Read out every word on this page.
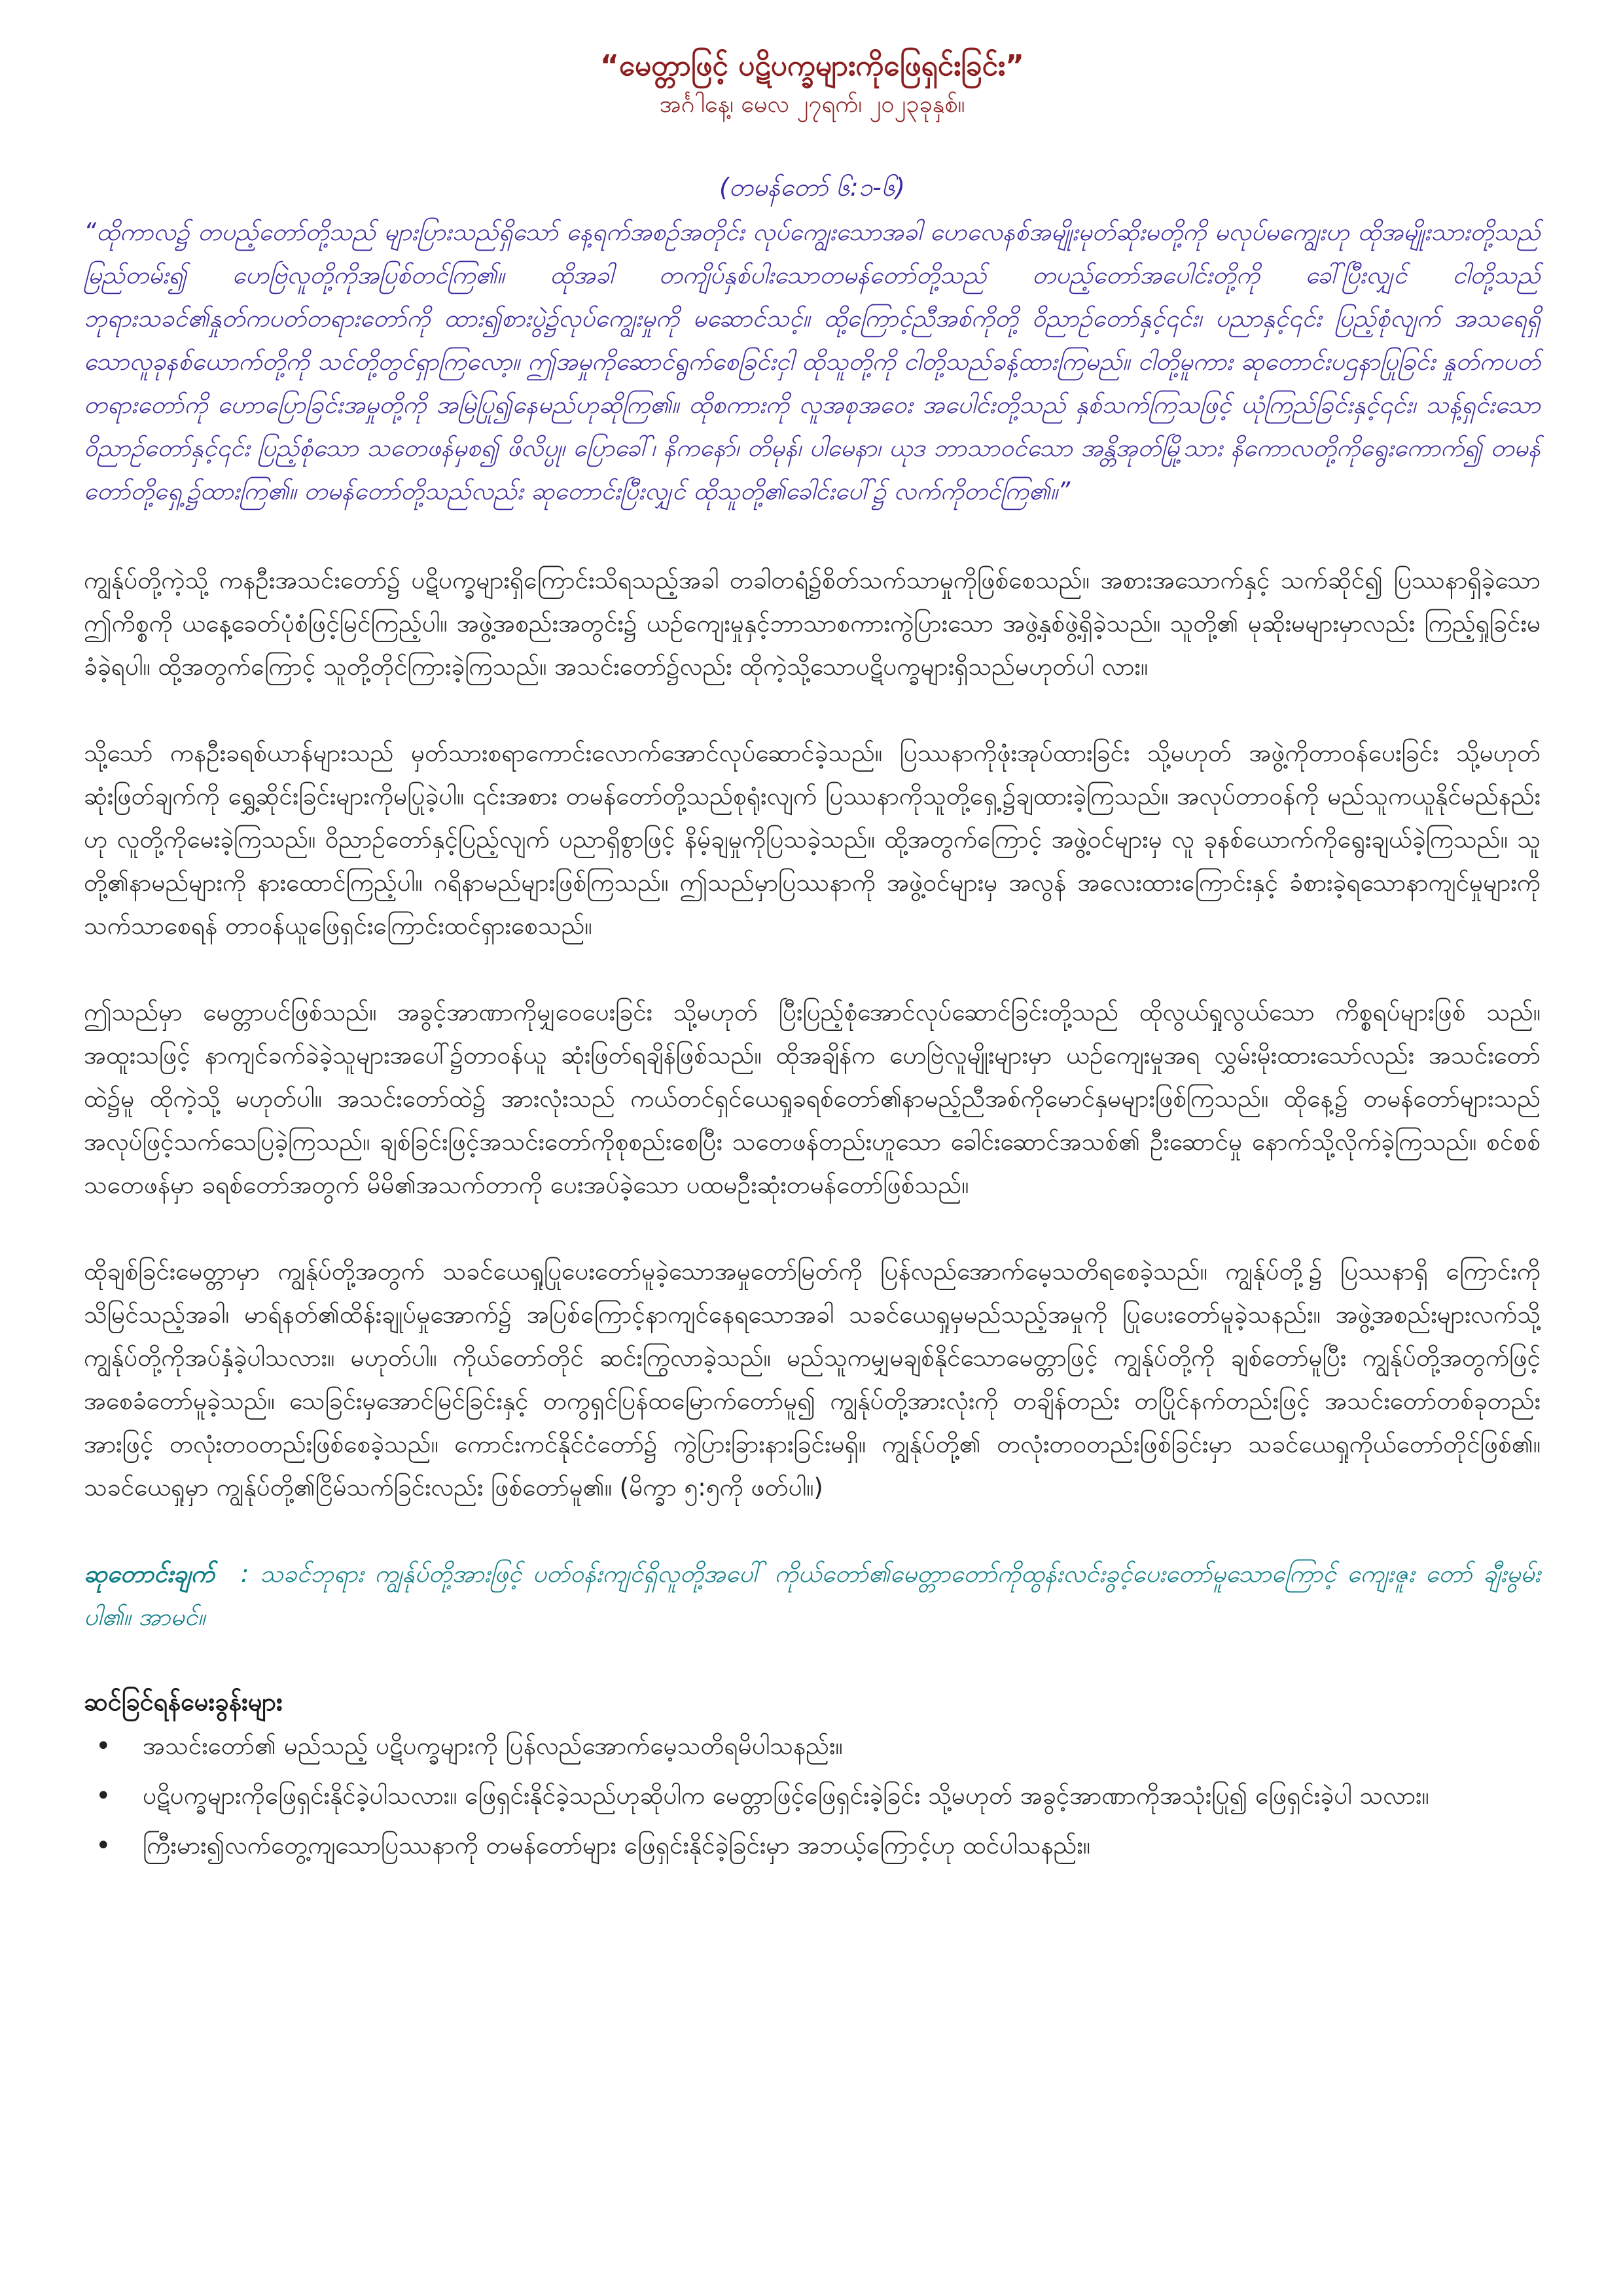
“မေတ္တာဖြင့် ပဋိပက္ခများကိုဖြေရှင်းခြင်း”

အင်္ဂါနေ့၊ မေလ ၂၇ရက်၊ ၂၀၂၃ခုနှစ်။

(တမန်တော် ၆:၁-၆)

“ထိုကာလ၌ တပည့်တော်တို့သည် များပြားသည်ရှိသော် နေ့ရက်အစဉ်အတိုင်း လုပ်ကျွေးသောအခါ ဟေလေနစ်အမျိုးမုတ်ဆိုးမတို့ကို မလုပ်မကျွေးဟု ထိုအမျိုးသားတို့သည် မြည်တမ်း၍ ဟေဗြဲလူတို့ကိုအပြစ်တင်ကြ၏။ ထိုအခါ တကျိပ်နှစ်ပါးသောတမန်တော်တို့သည် တပည့်တော်အပေါင်းတို့ကို ခေါ်ပြီးလျှင် ငါတို့သည် ဘုရားသခင်၏နှုတ်ကပတ်တရားတော်ကို ထား၍စားပွဲ၌လုပ်ကျွေးမှုကို မဆောင်သင့်။ ထို့ကြောင့်ညီအစ်ကိုတို့ ဝိညာဉ်တော်နှင့်၎င်း၊ ပညာနှင့်၎င်း ပြည့်စုံလျက် အသရေရှိသောလူခုနစ်ယောက်တို့ကို သင်တို့တွင်ရှာကြလော့။ ဤအမှုကိုဆောင်ရွက်စေခြင်းငှါ ထိုသူတို့ကို ငါတို့သည်ခန့်ထားကြမည်။ ငါတို့မူကား ဆုတောင်းပဌနာပြုခြင်း နှုတ်ကပတ်တရားတော်ကို ဟောပြောခြင်းအမှုတို့ကို အမြဲပြု၍နေမည်ဟုဆိုကြ၏။ ထိုစကားကို လူအစုအဝေး အပေါင်းတို့သည် နှစ်သက်ကြသဖြင့် ယုံကြည်ခြင်းနှင့်၎င်း၊ သန့်ရှင်းသောဝိညာဉ်တော်နှင့်၎င်း ပြည့်စုံသော သတေဖန်မှစ၍ ဖိလိပ္ပု၊ ပြောခေါ်၊ နိကနော်၊ တိမုန်၊ ပါမေနာ၊ ယုဒ ဘာသာဝင်သော အန္တိအုတ်မြို့သား နိကောလတို့ကိုရွေးကောက်၍ တမန်တော်တို့ရှေ့၌ထားကြ၏။ တမန်တော်တို့သည်လည်း ဆုတောင်းပြီးလျှင် ထိုသူတို့၏ခေါင်းပေါ်၌ လက်ကိုတင်ကြ၏။”

ကျွန်ုပ်တို့ကဲ့သို့ ကနဦးအသင်းတော်၌ ပဋိပက္ခများရှိကြောင်းသိရသည့်အခါ တခါတရံ၌စိတ်သက်သာမှုကိုဖြစ်စေသည်။ အစားအသောက်နှင့် သက်ဆိုင်၍ ပြဿနာရှိခဲ့သော ဤကိစ္စကို ယနေ့ခေတ်ပုံစံဖြင့်မြင်ကြည့်ပါ။ အဖွဲ့အစည်းအတွင်း၌ ယဉ်ကျေးမှုနှင့်ဘာသာစကားကွဲပြားသော အဖွဲ့နှစ်ဖွဲ့ရှိခဲ့သည်။ သူတို့၏ မုဆိုးမများမှာလည်း ကြည့်ရှုခြင်းမခံခဲ့ရပါ။ ထို့အတွက်ကြောင့် သူတို့တိုင်ကြားခဲ့ကြသည်။ အသင်းတော်၌လည်း ထိုကဲ့သို့သောပဋိပက္ခများရှိသည်မဟုတ်ပါ လား။

သို့သော် ကနဦးခရစ်ယာန်များသည် မှတ်သားစရာကောင်းလောက်အောင်လုပ်ဆောင်ခဲ့သည်။ ပြဿနာကိုဖုံးအုပ်ထားခြင်း သို့မဟုတ် အဖွဲ့ကိုတာဝန်ပေးခြင်း သို့မဟုတ် ဆုံးဖြတ်ချက်ကို ရွှေ့ဆိုင်းခြင်းများကိုမပြုခဲ့ပါ။ ၎င်းအစား တမန်တော်တို့သည်စုရုံးလျက် ပြဿနာကိုသူတို့ရှေ့၌ချထားခဲ့ကြသည်။ အလုပ်တာဝန်ကို မည်သူကယူနိုင်မည်နည်းဟု လူတို့ကိုမေးခဲ့ကြသည်။ ဝိညာဉ်တော်နှင့်ပြည့်လျက် ပညာရှိစွာဖြင့် နိမ့်ချမှုကိုပြသခဲ့သည်။ ထို့အတွက်ကြောင့် အဖွဲ့ဝင်များမှ လူ ခုနစ်ယောက်ကိုရွေးချယ်ခဲ့ကြသည်။ သူတို့၏နာမည်များကို နားထောင်ကြည့်ပါ။ ဂရိနာမည်များဖြစ်ကြသည်။ ဤသည်မှာပြဿနာကို အဖွဲ့ဝင်များမှ အလွန် အလေးထားကြောင်းနှင့် ခံစားခဲ့ရသောနာကျင်မှုများကိုသက်သာစေရန် တာဝန်ယူဖြေရှင်းကြောင်းထင်ရှားစေသည်။

ဤသည်မှာ မေတ္တာပင်ဖြစ်သည်။ အခွင့်အာဏာကိုမျှဝေပေးခြင်း သို့မဟုတ် ပြီးပြည့်စုံအောင်လုပ်ဆောင်ခြင်းတို့သည် ထိုလွယ်ရှုလွယ်သော ကိစ္စရပ်များဖြစ် သည်။ အထူးသဖြင့် နာကျင်ခက်ခဲခဲ့သူများအပေါ်၌တာဝန်ယူ ဆုံးဖြတ်ရချိန်ဖြစ်သည်။ ထိုအချိန်က ဟေဗြဲလူမျိုးများမှာ ယဉ်ကျေးမှုအရ လွှမ်းမိုးထားသော်လည်း အသင်းတော်ထဲ၌မူ ထိုကဲ့သို့ မဟုတ်ပါ။ အသင်းတော်ထဲ၌ အားလုံးသည် ကယ်တင်ရှင်ယေရှုခရစ်တော်၏နာမည့်ညီအစ်ကိုမောင်နှမများဖြစ်ကြသည်။ ထိုနေ့၌ တမန်တော်များသည် အလုပ်ဖြင့်သက်သေပြခဲ့ကြသည်။ ချစ်ခြင်းဖြင့်အသင်းတော်ကိုစုစည်းစေပြီး သတေဖန်တည်းဟူသော ခေါင်းဆောင်အသစ်၏ ဦးဆောင်မှု နောက်သို့လိုက်ခဲ့ကြသည်။ စင်စစ်သတေဖန်မှာ ခရစ်တော်အတွက် မိမိ၏အသက်တာကို ပေးအပ်ခဲ့သော ပထမဦးဆုံးတမန်တော်ဖြစ်သည်။

ထိုချစ်ခြင်းမေတ္တာမှာ ကျွန်ုပ်တို့အတွက် သခင်ယေရှုပြုပေးတော်မူခဲ့သောအမှုတော်မြတ်ကို ပြန်လည်အောက်မေ့သတိရစေခဲ့သည်။ ကျွန်ုပ်တို့၌ ပြဿနာရှိ ကြောင်းကို သိမြင်သည့်အခါ၊ မာရ်နတ်၏ထိန်းချုပ်မှုအောက်၌ အပြစ်ကြောင့်နာကျင်နေရသောအခါ သခင်ယေရှုမှမည်သည့်အမှုကို ပြုပေးတော်မူခဲ့သနည်း။ အဖွဲ့အစည်းများလက်သို့ ကျွန်ုပ်တို့ကိုအပ်နှံခဲ့ပါသလား။ မဟုတ်ပါ။ ကိုယ်တော်တိုင် ဆင်းကြွလာခဲ့သည်။ မည်သူကမျှမချစ်နိုင်သောမေတ္တာဖြင့် ကျွန်ုပ်တို့ကို ချစ်တော်မူပြီး ကျွန်ုပ်တို့အတွက်ဖြင့် အစေခံတော်မူခဲ့သည်။ သေခြင်းမှအောင်မြင်ခြင်းနှင့် တကွရှင်ပြန်ထမြောက်တော်မူ၍ ကျွန်ုပ်တို့အားလုံးကို တချိန်တည်း တပြိုင်နက်တည်းဖြင့် အသင်းတော်တစ်ခုတည်းအားဖြင့် တလုံးတဝတည်းဖြစ်စေခဲ့သည်။ ကောင်းကင်နိုင်ငံတော်၌ ကွဲပြားခြားနားခြင်းမရှိ။ ကျွန်ုပ်တို့၏ တလုံးတဝတည်းဖြစ်ခြင်းမှာ သခင်ယေရှုကိုယ်တော်တိုင်ဖြစ်၏။ သခင်ယေရှုမှာ ကျွန်ုပ်တို့၏ငြိမ်သက်ခြင်းလည်း ဖြစ်တော်မူ၏။ (မိက္ခာ ၅:၅ကို ဖတ်ပါ။)

ဆုတောင်းချက် : သခင်ဘုရား ကျွန်ုပ်တို့အားဖြင့် ပတ်ဝန်းကျင်ရှိလူတို့အပေါ် ကိုယ်တော်၏မေတ္တာတော်ကိုထွန်းလင်းခွင့်ပေးတော်မူသောကြောင့် ကျေးဇူး တော် ချီးမွမ်းပါ၏။ အာမင်။

ဆင်ခြင်ရန်မေးခွန်းများ
• အသင်းတော်၏ မည်သည့် ပဋိပက္ခများကို ပြန်လည်အောက်မေ့သတိရမိပါသနည်း။
• ပဋိပက္ခများကိုဖြေရှင်းနိုင်ခဲ့ပါသလား။ ဖြေရှင်းနိုင်ခဲ့သည်ဟုဆိုပါက မေတ္တာဖြင့်ဖြေရှင်းခဲ့ခြင်း သို့မဟုတ် အခွင့်အာဏာကိုအသုံးပြု၍ ဖြေရှင်းခဲ့ပါ သလား။
• ကြီးမား၍လက်တွေ့ကျသောပြဿနာကို တမန်တော်များ ဖြေရှင်းနိုင်ခဲ့ခြင်းမှာ အဘယ့်ကြောင့်ဟု ထင်ပါသနည်း။
